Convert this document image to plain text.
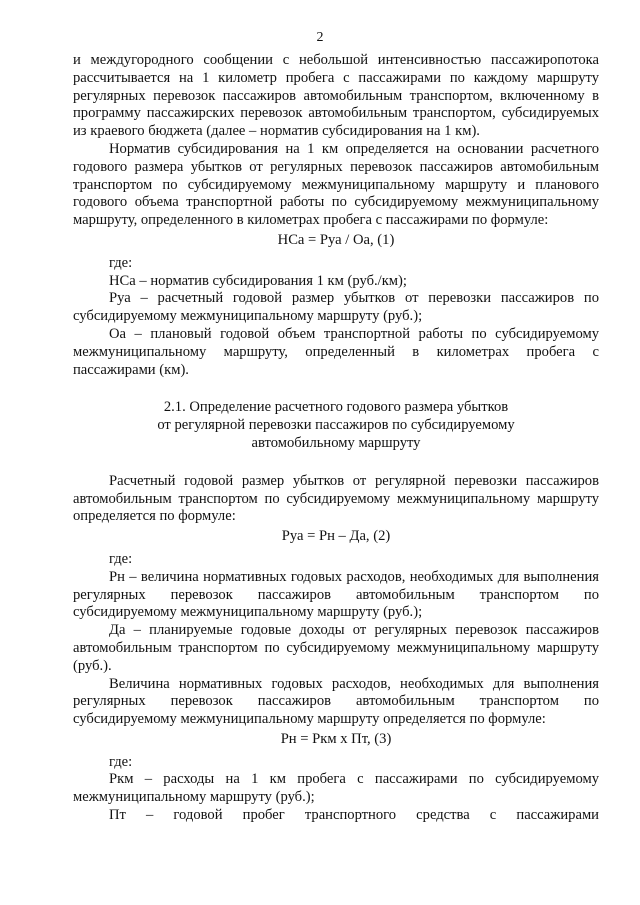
2

и междугородного сообщении с небольшой интенсивностью пассажиропотока рассчитывается на 1 километр пробега с пассажирами по каждому маршруту регулярных перевозок пассажиров автомобильным транспортом, включенному в программу пассажирских перевозок автомобильным транспортом, субсидируемых из краевого бюджета (далее – норматив субсидирования на 1 км).

Норматив субсидирования на 1 км определяется на основании расчетного годового размера убытков от регулярных перевозок пассажиров автомобильным транспортом по субсидируемому межмуниципальному маршруту и планового годового объема транспортной работы по субсидируемому межмуниципальному маршруту, определенного в километрах пробега с пассажирами по формуле:

НСа = Руа / Оа, (1)

где:

НСа – норматив субсидирования 1 км (руб./км);

Руа – расчетный годовой размер убытков от перевозки пассажиров по субсидируемому межмуниципальному маршруту (руб.);

Оа – плановый годовой объем транспортной работы по субсидируемому межмуниципальному маршруту, определенный в километрах пробега с пассажирами (км).

2.1. Определение расчетного годового размера убытков

от регулярной перевозки пассажиров по субсидируемому

автомобильному маршруту

Расчетный годовой размер убытков от регулярной перевозки пассажиров автомобильным транспортом по субсидируемому межмуниципальному маршруту определяется по формуле:

Руа = Рн – Да, (2)

где:

Рн – величина нормативных годовых расходов, необходимых для выполнения регулярных перевозок пассажиров автомобильным транспортом по субсидируемому межмуниципальному маршруту (руб.);

Да – планируемые годовые доходы от регулярных перевозок пассажиров автомобильным транспортом по субсидируемому межмуниципальному маршруту (руб.).

Величина нормативных годовых расходов, необходимых для выполнения регулярных перевозок пассажиров автомобильным транспортом по субсидируемому межмуниципальному маршруту определяется по формуле:

Рн = Ркм х Пт, (3)

где:

Ркм – расходы на 1 км пробега с пассажирами по субсидируемому межмуниципальному маршруту (руб.);

Пт – годовой пробег транспортного средства с пассажирами
